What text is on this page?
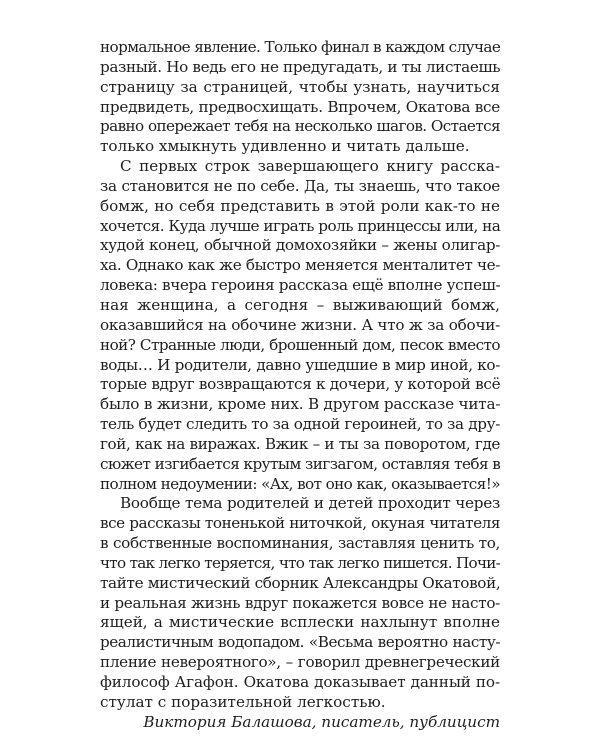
нормальное явление. Только финал в каждом случае
разный. Но ведь его не предугадать, и ты листаешь
страницу за страницей, чтобы узнать, научиться
предвидеть, предвосхищать. Впрочем, Окатова все
равно опережает тебя на несколько шагов. Остается
только хмыкнуть удивленно и читать дальше.
С первых строк завершающего книгу расска-
за становится не по себе. Да, ты знаешь, что такое
бомж, но себя представить в этой роли как-то не
хочется. Куда лучше играть роль принцессы или, на
худой конец, обычной домохозяйки – жены олигар-
ха. Однако как же быстро меняется менталитет че-
ловека: вчера героиня рассказа ещё вполне успеш-
ная женщина, а сегодня – выживающий бомж,
оказавшийся на обочине жизни. А что ж за обочи-
ной? Странные люди, брошенный дом, песок вместо
воды… И родители, давно ушедшие в мир иной, ко-
торые вдруг возвращаются к дочери, у которой всё
было в жизни, кроме них. В другом рассказе чита-
тель будет следить то за одной героиней, то за дру-
гой, как на виражах. Вжик – и ты за поворотом, где
сюжет изгибается крутым зигзагом, оставляя тебя в
полном недоумении: «Ах, вот оно как, оказывается!»
Вообще тема родителей и детей проходит через
все рассказы тоненькой ниточкой, окуная читателя
в собственные воспоминания, заставляя ценить то,
что так легко теряется, что так легко пишется. Почи-
тайте мистический сборник Александры Окатовой,
и реальная жизнь вдруг покажется вовсе не насто-
ящей, а мистические всплески нахлынут вполне
реалистичным водопадом. «Весьма вероятно насту-
пление невероятного», – говорил древнегреческий
философ Агафон. Окатова доказывает данный по-
стулат с поразительной легкостью.
Виктория Балашова, писатель, публицист
